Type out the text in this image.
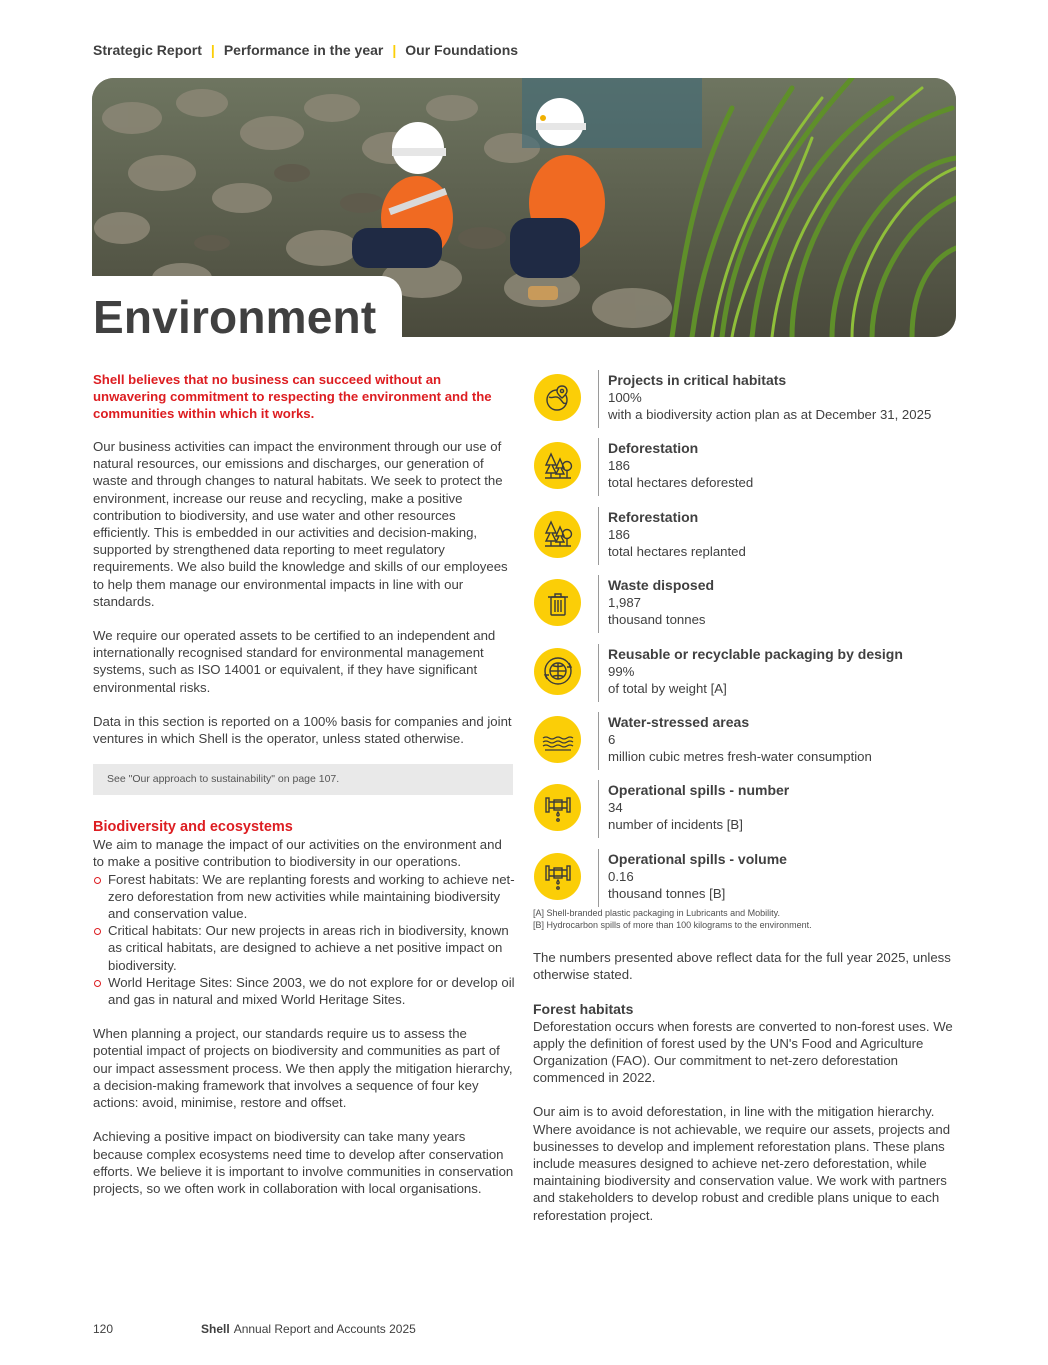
Strategic Report | Performance in the year | Our Foundations
Environment

Shell believes that no business can succeed without an unwavering commitment to respecting the environment and the communities within which it works.

Our business activities can impact the environment through our use of natural resources, our emissions and discharges, our generation of waste and through changes to natural habitats. We seek to protect the environment, increase our reuse and recycling, make a positive contribution to biodiversity, and use water and other resources efficiently. This is embedded in our activities and decision-making, supported by strengthened data reporting to meet regulatory requirements. We also build the knowledge and skills of our employees to help them manage our environmental impacts in line with our standards.

We require our operated assets to be certified to an independent and internationally recognised standard for environmental management systems, such as ISO 14001 or equivalent, if they have significant environmental risks.

Data in this section is reported on a 100% basis for companies and joint ventures in which Shell is the operator, unless stated otherwise.

See "Our approach to sustainability" on page 107.
Biodiversity and ecosystems

We aim to manage the impact of our activities on the environment and to make a positive contribution to biodiversity in our operations.

Forest habitats: We are replanting forests and working to achieve net-zero deforestation from new activities while maintaining biodiversity and conservation value.
Critical habitats: Our new projects in areas rich in biodiversity, known as critical habitats, are designed to achieve a net positive impact on biodiversity.
World Heritage Sites: Since 2003, we do not explore for or develop oil and gas in natural and mixed World Heritage Sites.

When planning a project, our standards require us to assess the potential impact of projects on biodiversity and communities as part of our impact assessment process. We then apply the mitigation hierarchy, a decision-making framework that involves a sequence of four key actions: avoid, minimise, restore and offset.

Achieving a positive impact on biodiversity can take many years because complex ecosystems need time to develop after conservation efforts. We believe it is important to involve communities in conservation projects, so we often work in collaboration with local organisations.

Projects in critical habitats
100%
with a biodiversity action plan as at December 31, 2025
Deforestation
186
total hectares deforested
Reforestation
186
total hectares replanted
Waste disposed
1,987
thousand tonnes
Reusable or recyclable packaging by design
99%
of total by weight [A]
Water-stressed areas
6
million cubic metres fresh-water consumption
Operational spills - number
34
number of incidents [B]
Operational spills - volume
0.16
thousand tonnes [B]
[A] Shell-branded plastic packaging in Lubricants and Mobility.
[B] Hydrocarbon spills of more than 100 kilograms to the environment.

The numbers presented above reflect data for the full year 2025, unless otherwise stated.

Forest habitats

Deforestation occurs when forests are converted to non-forest uses. We apply the definition of forest used by the UN's Food and Agriculture Organization (FAO). Our commitment to net-zero deforestation commenced in 2022.

Our aim is to avoid deforestation, in line with the mitigation hierarchy. Where avoidance is not achievable, we require our assets, projects and businesses to develop and implement reforestation plans. These plans include measures designed to achieve net-zero deforestation, while maintaining biodiversity and conservation value. We work with partners and stakeholders to develop robust and credible plans unique to each reforestation project.

120	Shell Annual Report and Accounts 2025
